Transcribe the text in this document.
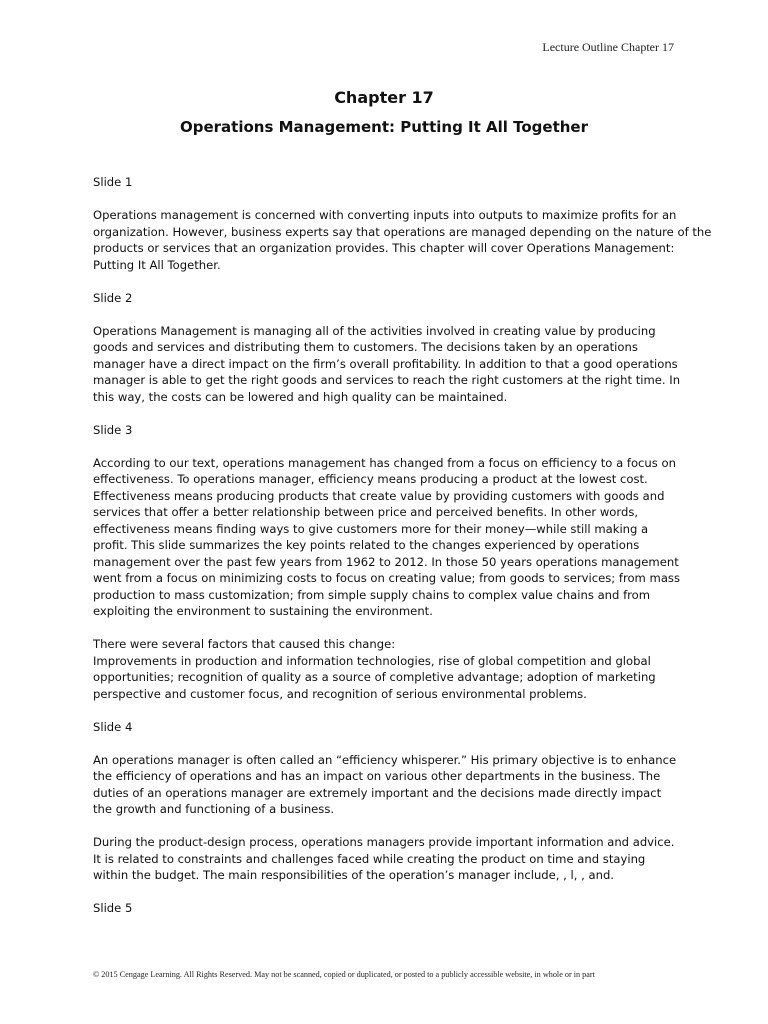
Lecture Outline Chapter 17
Chapter 17
Operations Management: Putting It All Together
Slide 1

Operations management is concerned with converting inputs into outputs to maximize profits for an
organization. However, business experts say that operations are managed depending on the nature of the
products or services that an organization provides. This chapter will cover Operations Management:
Putting It All Together.

Slide 2

Operations Management is managing all of the activities involved in creating value by producing
goods and services and distributing them to customers. The decisions taken by an operations
manager have a direct impact on the firm’s overall profitability. In addition to that a good operations
manager is able to get the right goods and services to reach the right customers at the right time. In
this way, the costs can be lowered and high quality can be maintained.

Slide 3

According to our text, operations management has changed from a focus on efficiency to a focus on
effectiveness. To operations manager, efficiency means producing a product at the lowest cost.
Effectiveness means producing products that create value by providing customers with goods and
services that offer a better relationship between price and perceived benefits. In other words,
effectiveness means finding ways to give customers more for their money—while still making a
profit. This slide summarizes the key points related to the changes experienced by operations
management over the past few years from 1962 to 2012. In those 50 years operations management
went from a focus on minimizing costs to focus on creating value; from goods to services; from mass
production to mass customization; from simple supply chains to complex value chains and from
exploiting the environment to sustaining the environment.

There were several factors that caused this change:
Improvements in production and information technologies, rise of global competition and global
opportunities; recognition of quality as a source of completive advantage; adoption of marketing
perspective and customer focus, and recognition of serious environmental problems.

Slide 4

An operations manager is often called an “efficiency whisperer.” His primary objective is to enhance
the efficiency of operations and has an impact on various other departments in the business. The
duties of an operations manager are extremely important and the decisions made directly impact
the growth and functioning of a business.

During the product-design process, operations managers provide important information and advice.
It is related to constraints and challenges faced while creating the product on time and staying
within the budget. The main responsibilities of the operation’s manager include, , l, , and.

Slide 5
© 2015 Cengage Learning. All Rights Reserved. May not be scanned, copied or duplicated, or posted to a publicly accessible website, in whole or in part
